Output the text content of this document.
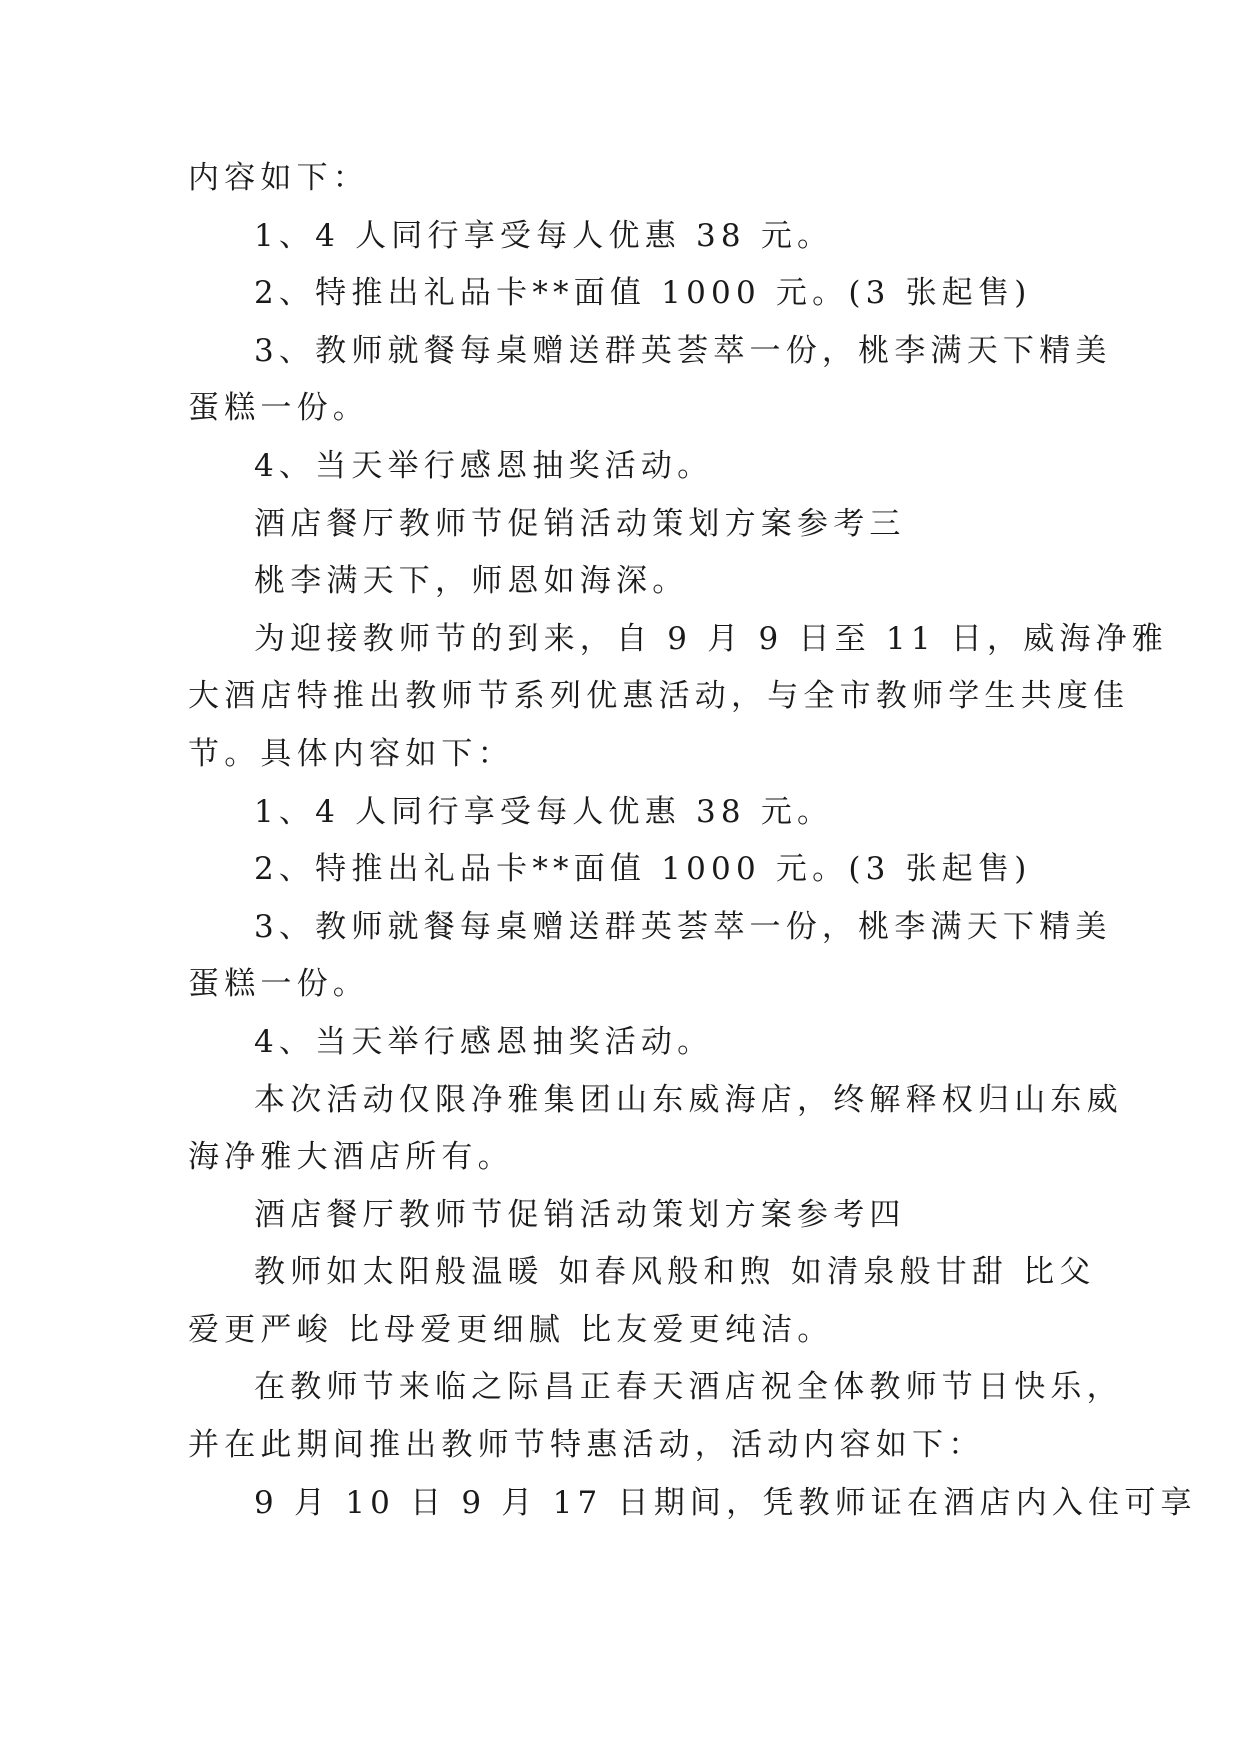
内容如下：
1、4 人同行享受每人优惠 38 元。
2、特推出礼品卡**面值 1000 元。(3 张起售)
3、教师就餐每桌赠送群英荟萃一份，桃李满天下精美
蛋糕一份。
4、当天举行感恩抽奖活动。
酒店餐厅教师节促销活动策划方案参考三
桃李满天下，师恩如海深。
为迎接教师节的到来，自 9 月 9 日至 11 日，威海净雅
大酒店特推出教师节系列优惠活动，与全市教师学生共度佳
节。具体内容如下：
1、4 人同行享受每人优惠 38 元。
2、特推出礼品卡**面值 1000 元。(3 张起售)
3、教师就餐每桌赠送群英荟萃一份，桃李满天下精美
蛋糕一份。
4、当天举行感恩抽奖活动。
本次活动仅限净雅集团山东威海店，终解释权归山东威
海净雅大酒店所有。
酒店餐厅教师节促销活动策划方案参考四
教师如太阳般温暖 如春风般和煦 如清泉般甘甜 比父
爱更严峻 比母爱更细腻 比友爱更纯洁。
在教师节来临之际昌正春天酒店祝全体教师节日快乐，
并在此期间推出教师节特惠活动，活动内容如下：
9 月 10 日 9 月 17 日期间，凭教师证在酒店内入住可享
